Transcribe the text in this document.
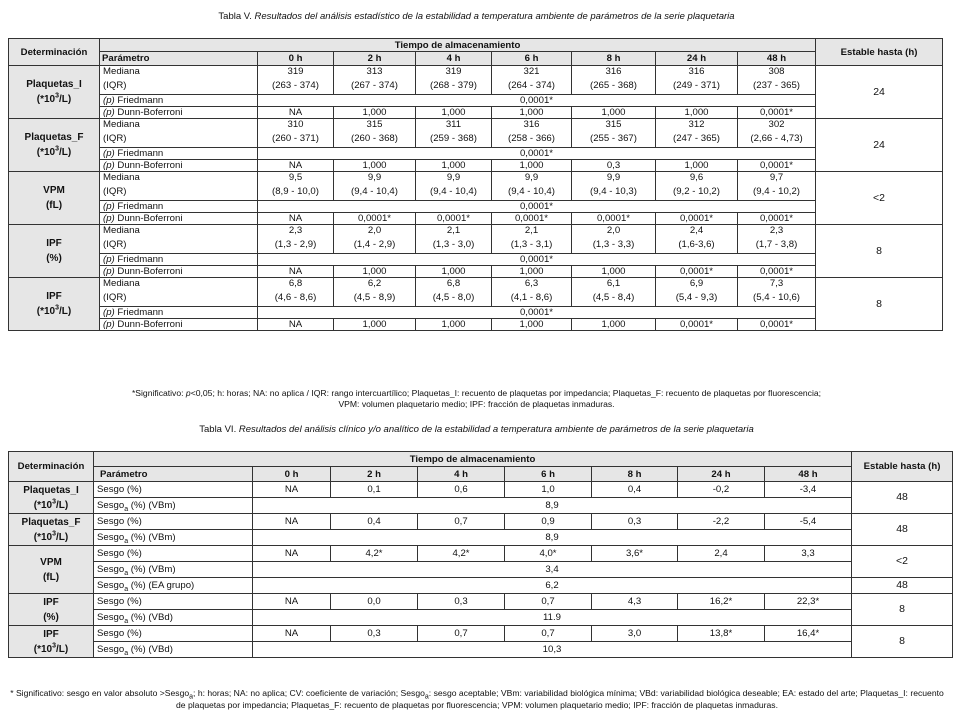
Tabla V. Resultados del análisis estadístico de la estabilidad a temperatura ambiente de parámetros de la serie plaquetaria
Determinación	Tiempo de almacenamiento								Estable hasta (h)
	Parámetro	0 h	2 h	4 h	6 h	8 h	24 h	48 h	
Plaquetas_I
$(*10^3/L)$	Mediana	319	313	319	321	316	316	308	24
	(IQR)	(263 - 374)	(267 - 374)	(268 - 379)	(264 - 374)	(265 - 368)	(249 - 371)	(237 - 365)	
	(p) Friedmann	0,0001*							
	(p) Dunn-Boferroni	NA	1,000	1,000	1,000	1,000	1,000	0,0001*	
Plaquetas_F
$(*10^3/L)$	Mediana	310	315	311	316	315	312	302	24
	(IQR)	(260 - 371)	(260 - 368)	(259 - 368)	(258 - 366)	(255 - 367)	(247 - 365)	(2,66 - 4,73)	
	(p) Friedmann	0,0001*							
	(p) Dunn-Boferroni	NA	1,000	1,000	1,000	0,3	1,000	0,0001*	
VPM
(fL)	Mediana	9,5	9,9	9,9	9,9	9,9	9,6	9,7	<2
	(IQR)	(8,9 - 10,0)	(9,4 - 10,4)	(9,4 - 10,4)	(9,4 - 10,4)	(9,4 - 10,3)	(9,2 - 10,2)	(9,4 - 10,2)	
	(p) Friedmann	0,0001*							
	(p) Dunn-Boferroni	NA	0,0001*	0,0001*	0,0001*	0,0001*	0,0001*	0,0001*	
IPF
(%)	Mediana	2,3	2,0	2,1	2,1	2,0	2,4	2,3	8
	(IQR)	(1,3 - 2,9)	(1,4 - 2,9)	(1,3 - 3,0)	(1,3 - 3,1)	(1,3 - 3,3)	(1,6-3,6)	(1,7 - 3,8)	
	(p) Friedmann	0,0001*							
	(p) Dunn-Boferroni	NA	1,000	1,000	1,000	1,000	0,0001*	0,0001*	
IPF
$(*10^3/L)$	Mediana	6,8	6,2	6,8	6,3	6,1	6,9	7,3	8
	(IQR)	(4,6 - 8,6)	(4,5 - 8,9)	(4,5 - 8,0)	(4,1 - 8,6)	(4,5 - 8,4)	(5,4 - 9,3)	(5,4 - 10,6)	
	(p) Friedmann	0,0001*							
	(p) Dunn-Boferroni	NA	1,000	1,000	1,000	1,000	0,0001*	0,0001*	
*Significativo: p<0,05; h: horas; NA: no aplica / IQR: rango intercuartílico; Plaquetas_I: recuento de plaquetas por impedancia; Plaquetas_F: recuento de plaquetas por fluorescencia;
VPM: volumen plaquetario medio; IPF: fracción de plaquetas inmaduras.
Tabla VI. Resultados del análisis clínico y/o analítico de la estabilidad a temperatura ambiente de parámetros de la serie plaquetaria
Determinación	Tiempo de almacenamiento								Estable hasta (h)
	Parámetro	0 h	2 h	4 h	6 h	8 h	24 h	48 h	
Plaquetas_I
$(*10^3/L)$	Sesgo (%)	NA	0,1	0,6	1,0	0,4	-0,2	-3,4	48
	Sesgo$_a$ (%) (VBm)	8,9							
Plaquetas_F
$(*10^3/L)$	Sesgo (%)	NA	0,4	0,7	0,9	0,3	-2,2	-5,4	48
	Sesgo$_a$ (%) (VBm)	8,9							
VPM
(fL)	Sesgo (%)	NA	4,2*	4,2*	4,0*	3,6*	2,4	3,3	<2
	Sesgo$_a$ (%) (VBm)	3,4							
	Sesgo$_a$ (%) (EA grupo)	6,2							48
IPF
(%)	Sesgo (%)	NA	0,0	0,3	0,7	4,3	16,2*	22,3*	8
	Sesgo$_a$ (%) (VBd)	11.9							
IPF
$(*10^3/L)$	Sesgo (%)	NA	0,3	0,7	0,7	3,0	13,8*	16,4*	8
	Sesgo$_a$ (%) (VBd)	10,3							
* Significativo: sesgo en valor absoluto >Sesgo$_a$; h: horas; NA: no aplica; CV: coeficiente de variación; Sesgo$_a$: sesgo aceptable; VBm: variabilidad biológica mínima; VBd: variabilidad biológica deseable; EA: estado del arte; Plaquetas_I: recuento de plaquetas por impedancia; Plaquetas_F: recuento de plaquetas por fluorescencia; VPM: volumen plaquetario medio; IPF: fracción de plaquetas inmaduras.
